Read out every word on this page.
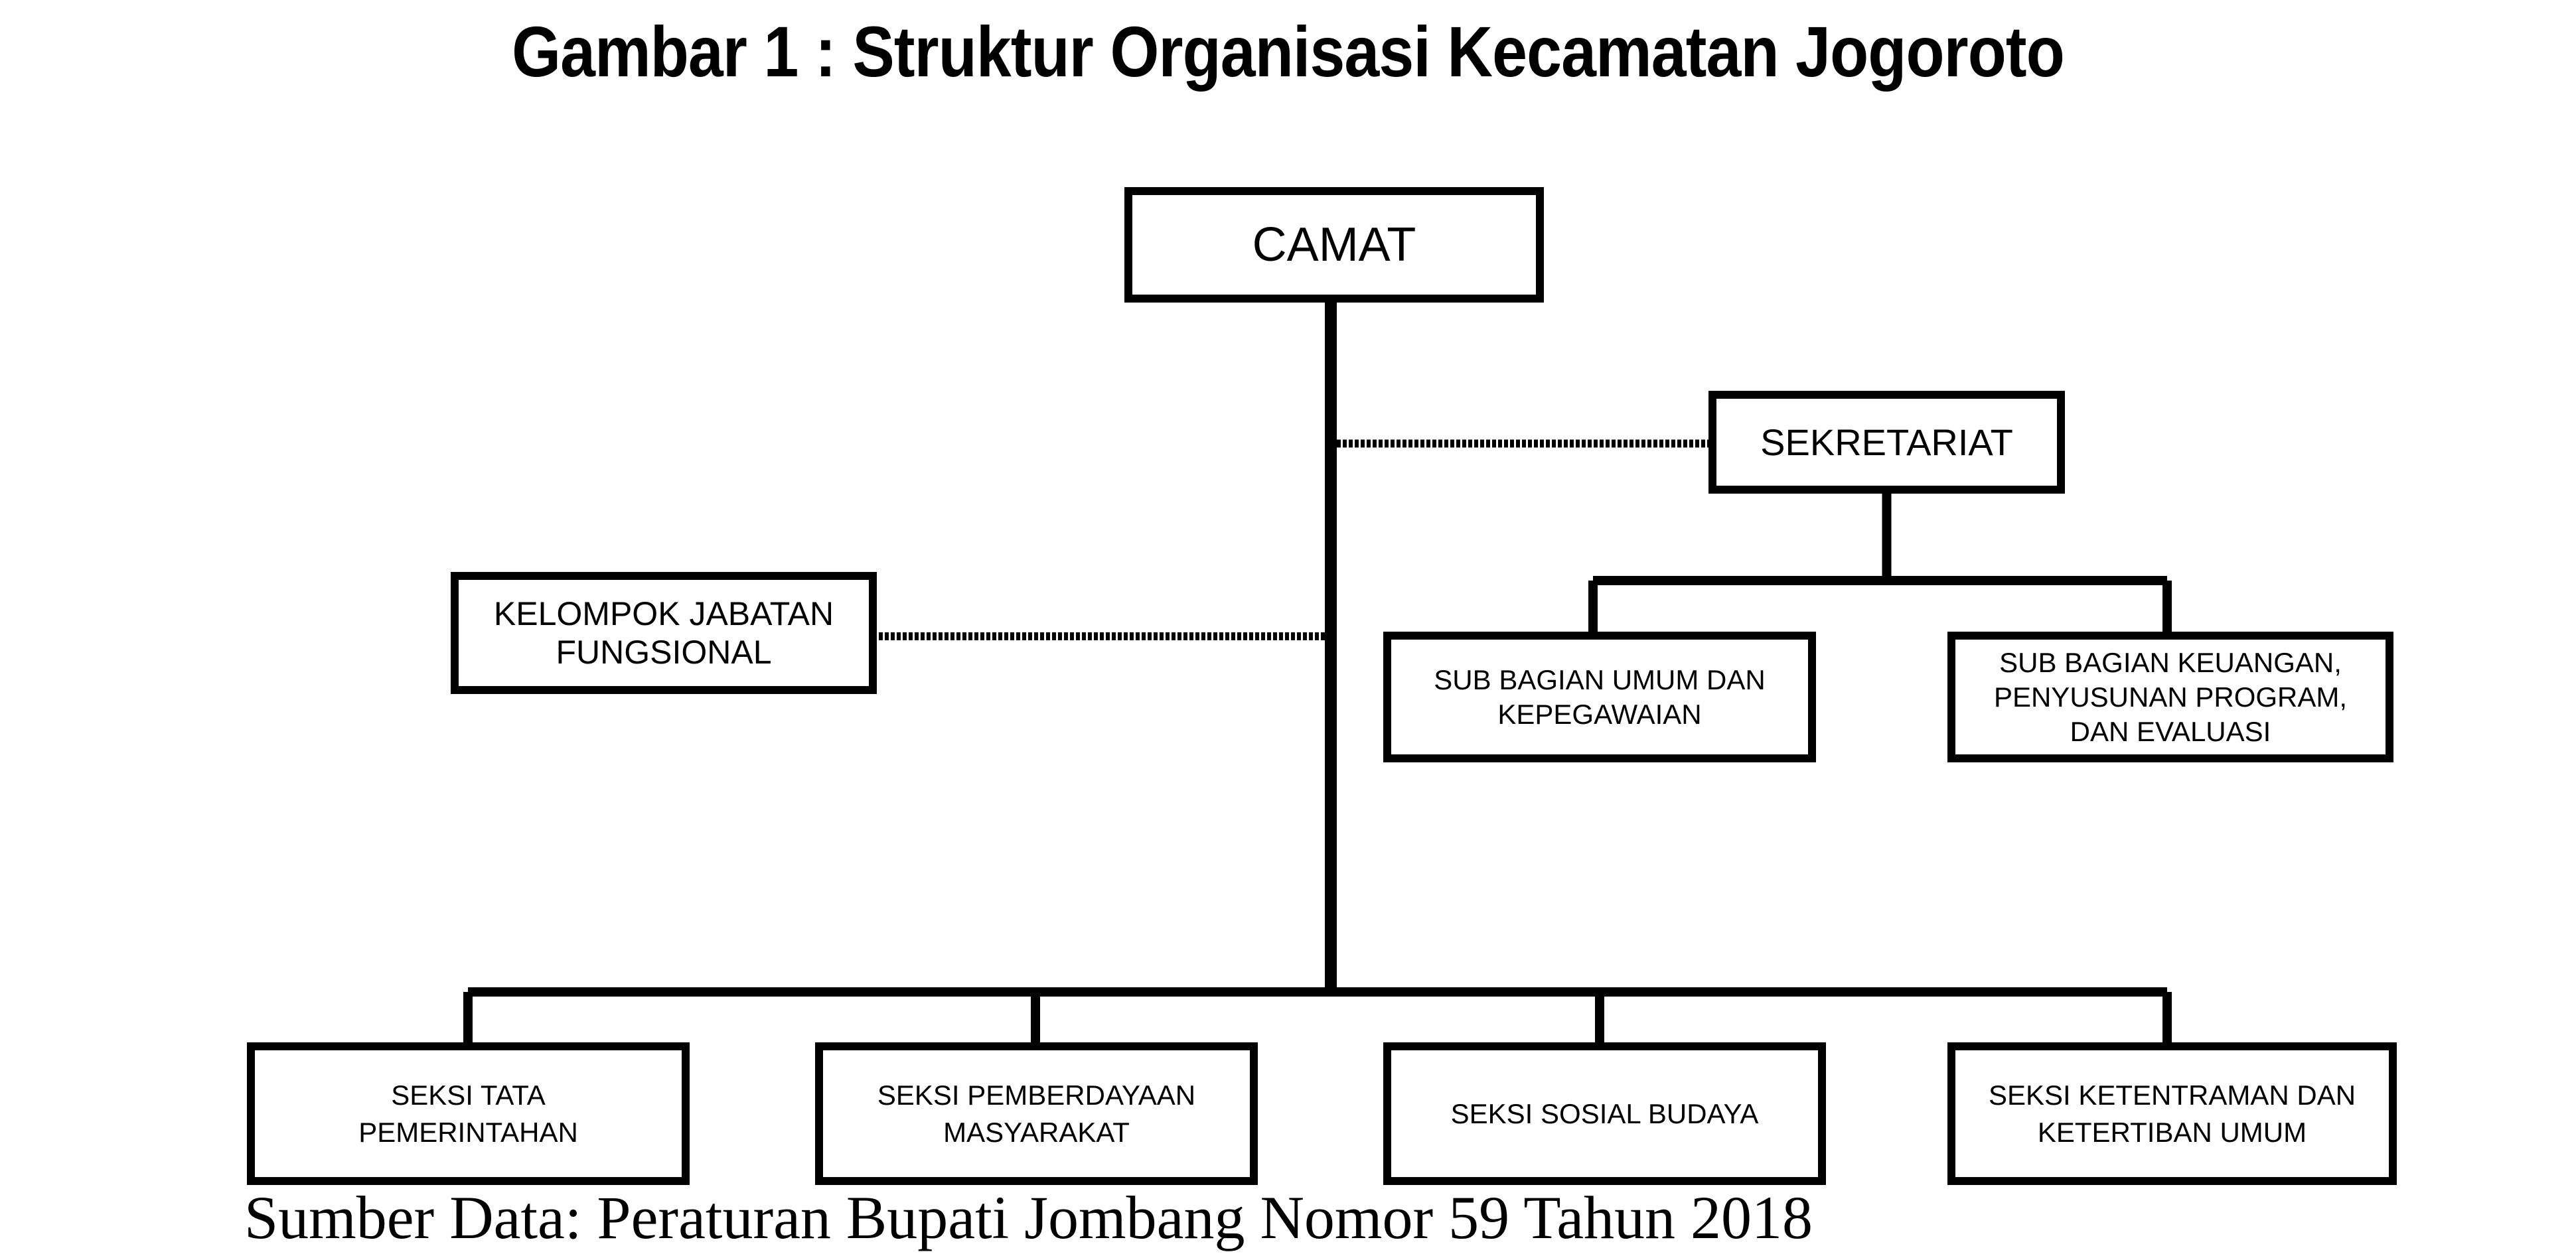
Gambar 1 : Struktur Organisasi Kecamatan Jogoroto
CAMAT
SEKRETARIAT
KELOMPOK JABATAN
FUNGSIONAL
SUB BAGIAN UMUM DAN
KEPEGAWAIAN
SUB BAGIAN KEUANGAN,
PENYUSUNAN PROGRAM,
DAN EVALUASI
SEKSI TATA
PEMERINTAHAN
SEKSI PEMBERDAYAAN
MASYARAKAT
SEKSI SOSIAL BUDAYA
SEKSI KETENTRAMAN DAN
KETERTIBAN UMUM
Sumber Data: Peraturan Bupati Jombang Nomor 59 Tahun 2018
